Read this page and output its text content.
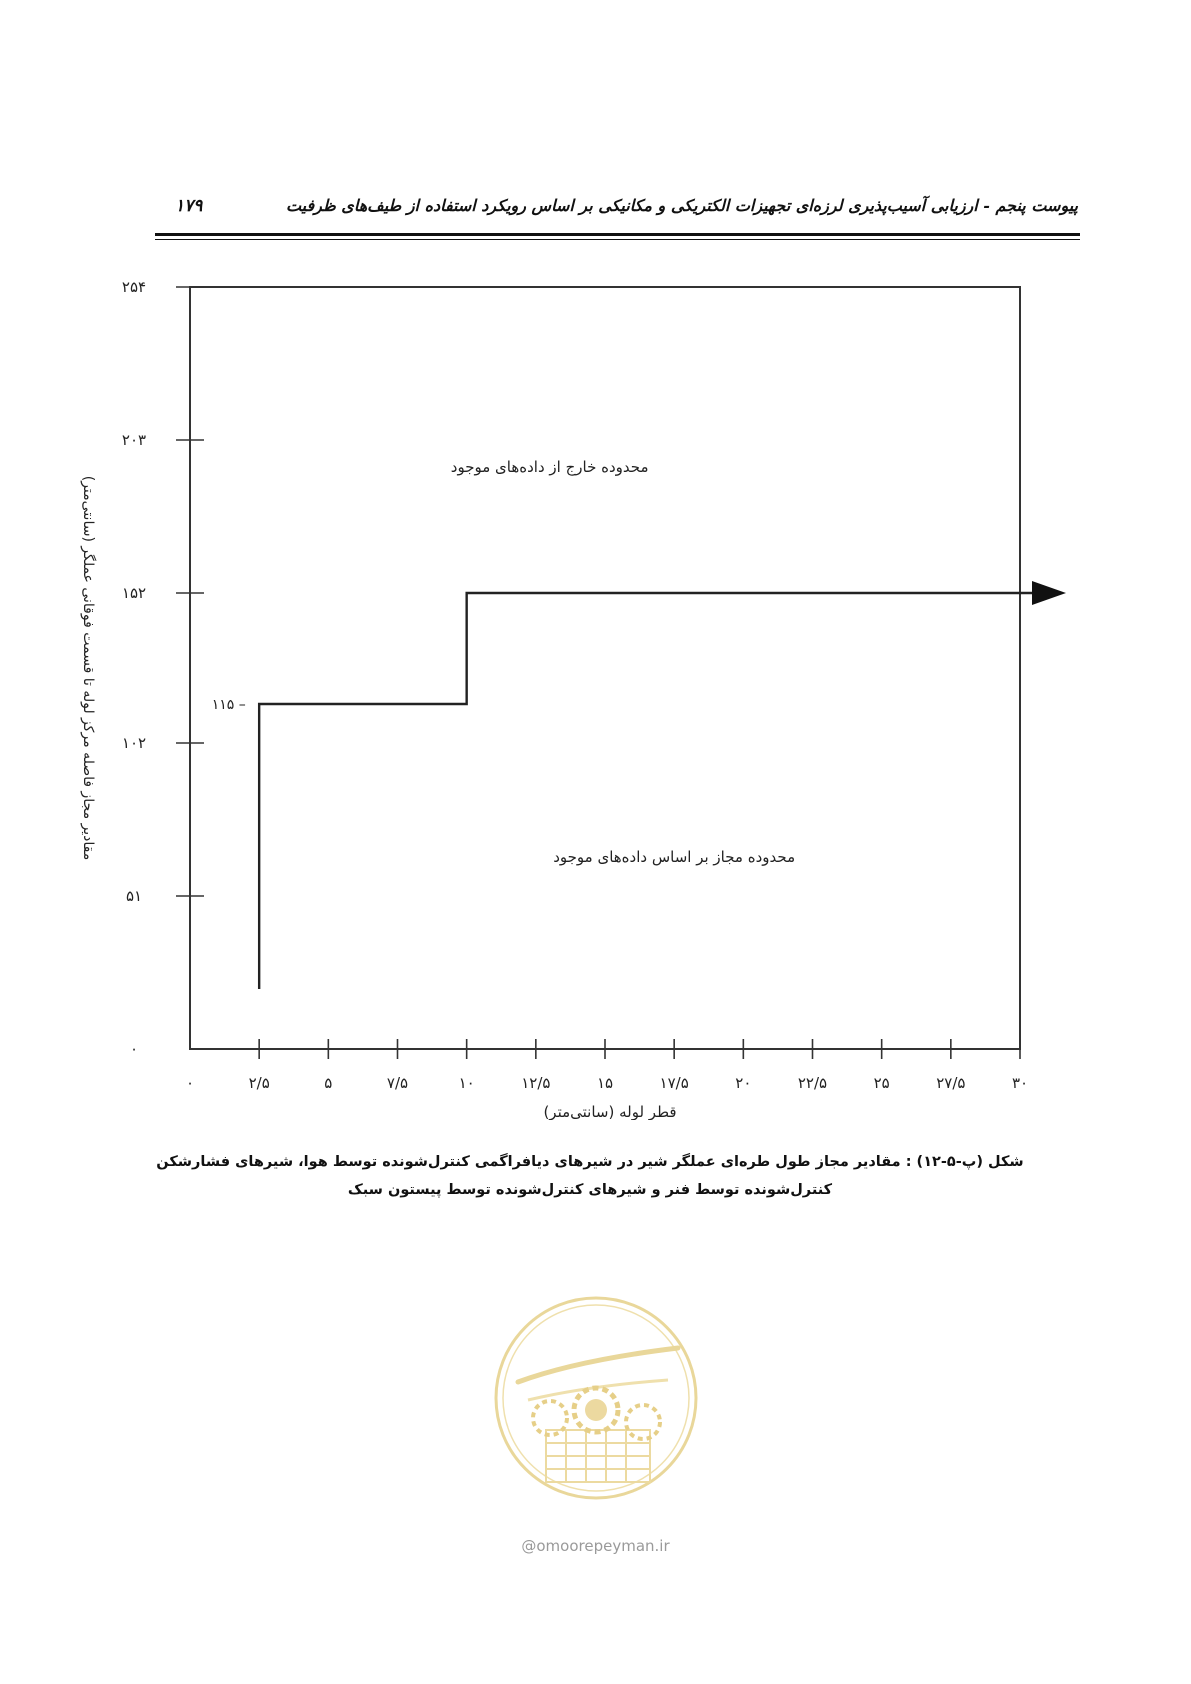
پیوست پنجم - ارزیابی آسیب‌پذیری لرزه‌ای تجهیزات الکتریکی و مکانیکی بر اساس رویکرد استفاده از طیف‌های ظرفیت
۱۷۹
۰	۲/۵	۵	۷/۵	۱۰	۱۲/۵	۱۵	۱۷/۵	۲۰	۲۲/۵	۲۵	۲۷/۵	۳۰
۰
۵۱
۱۰۲
۱۵۲
۲۰۳
۲۵۴
محدوده خارج از داده‌های موجود
محدوده مجاز بر اساس داده‌های موجود
۱۱۵ –
قطر لوله (سانتی‌متر)
مقادیر مجاز فاصله مرکز لوله تا قسمت فوقانی عملگر (سانتی‌متر)
شکل (پ-۵-۱۲) : مقادیر مجاز طول طره‌ای عملگر شیر در شیرهای دیافراگمی کنترل‌شونده توسط هوا، شیرهای فشارشکن
کنترل‌شونده توسط فنر و شیرهای کنترل‌شونده توسط پیستون سبک
@omoorepeyman.ir
